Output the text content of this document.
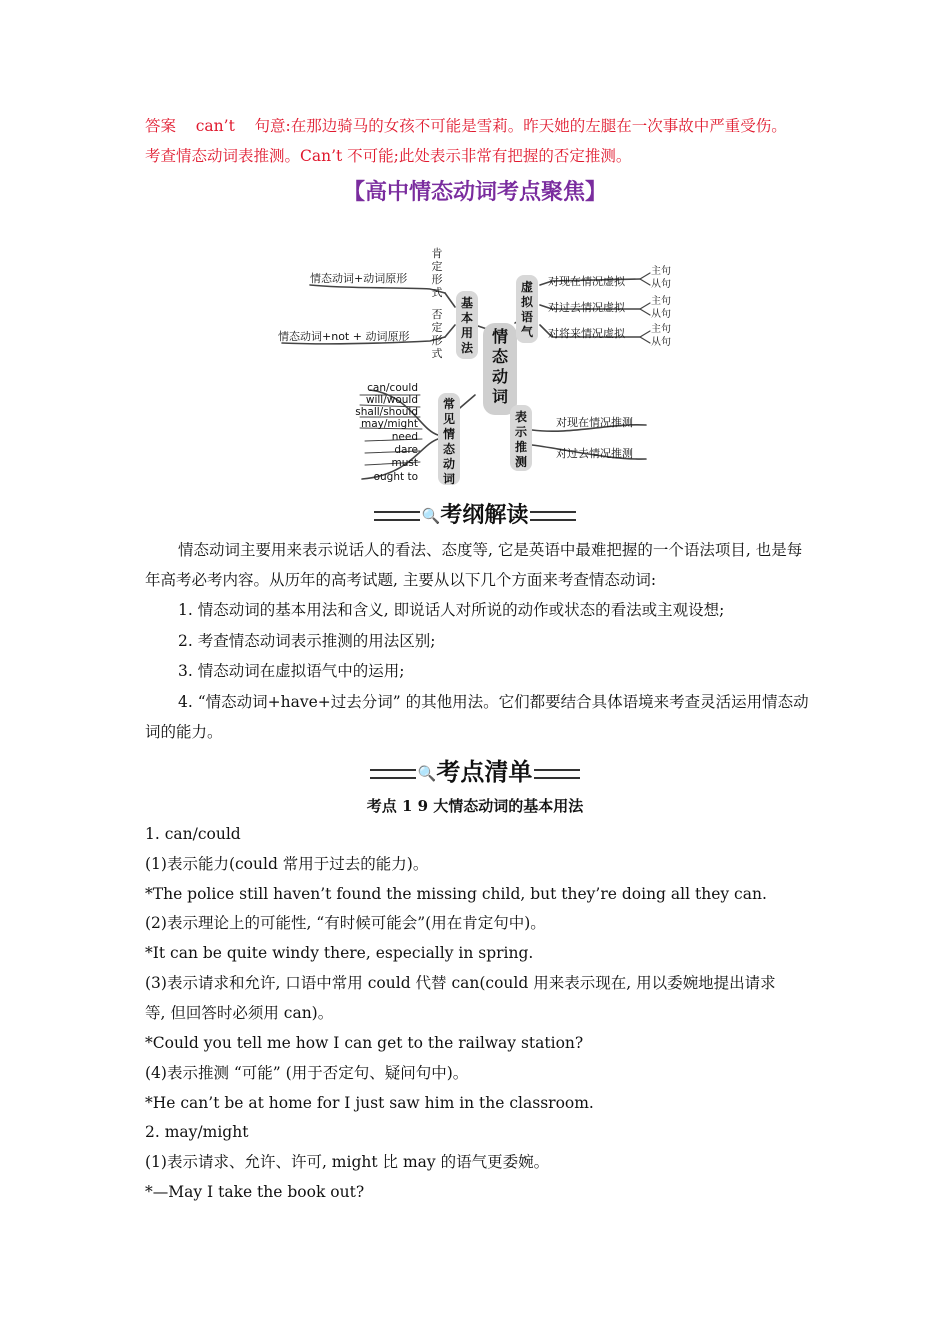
答案 can’t 句意:在那边骑马的女孩不可能是雪莉。昨天她的左腿在一次事故中严重受伤。
考查情态动词表推测。Can’t 不可能;此处表示非常有把握的否定推测。
【高中情态动词考点聚焦】
情态动词
基本用法
虚拟语气
表示推测
常见情态动词
肯定形式
否定形式
情态动词+动词原形
情态动词+not + 动词原形
对现在情况虚拟
对过去情况虚拟
对将来情况虚拟
主句
从句
主句
从句
主句
从句
对现在情况推测
对过去情况推测
can/could
will/would
shall/should
may/might
need
dare
must
ought to
🔍考纲解读
情态动词主要用来表示说话人的看法、态度等, 它是英语中最难把握的一个语法项目, 也是每年高考必考内容。从历年的高考试题, 主要从以下几个方面来考查情态动词:
1. 情态动词的基本用法和含义, 即说话人对所说的动作或状态的看法或主观设想;
2. 考查情态动词表示推测的用法区别;
3. 情态动词在虚拟语气中的运用;
4. “情态动词+have+过去分词” 的其他用法。它们都要结合具体语境来考查灵活运用情态动词的能力。
🔍考点清单
考点 1 9 大情态动词的基本用法
1. can/could
(1)表示能力(could 常用于过去的能力)。
*The police still haven’t found the missing child, but they’re doing all they can.
(2)表示理论上的可能性, “有时候可能会”(用在肯定句中)。
*It can be quite windy there, especially in spring.
(3)表示请求和允许, 口语中常用 could 代替 can(could 用来表示现在, 用以委婉地提出请求
等, 但回答时必须用 can)。
*Could you tell me how I can get to the railway station?
(4)表示推测 “可能” (用于否定句、疑问句中)。
*He can’t be at home for I just saw him in the classroom.
2. may/might
(1)表示请求、允许、许可, might 比 may 的语气更委婉。
*—May I take the book out?
